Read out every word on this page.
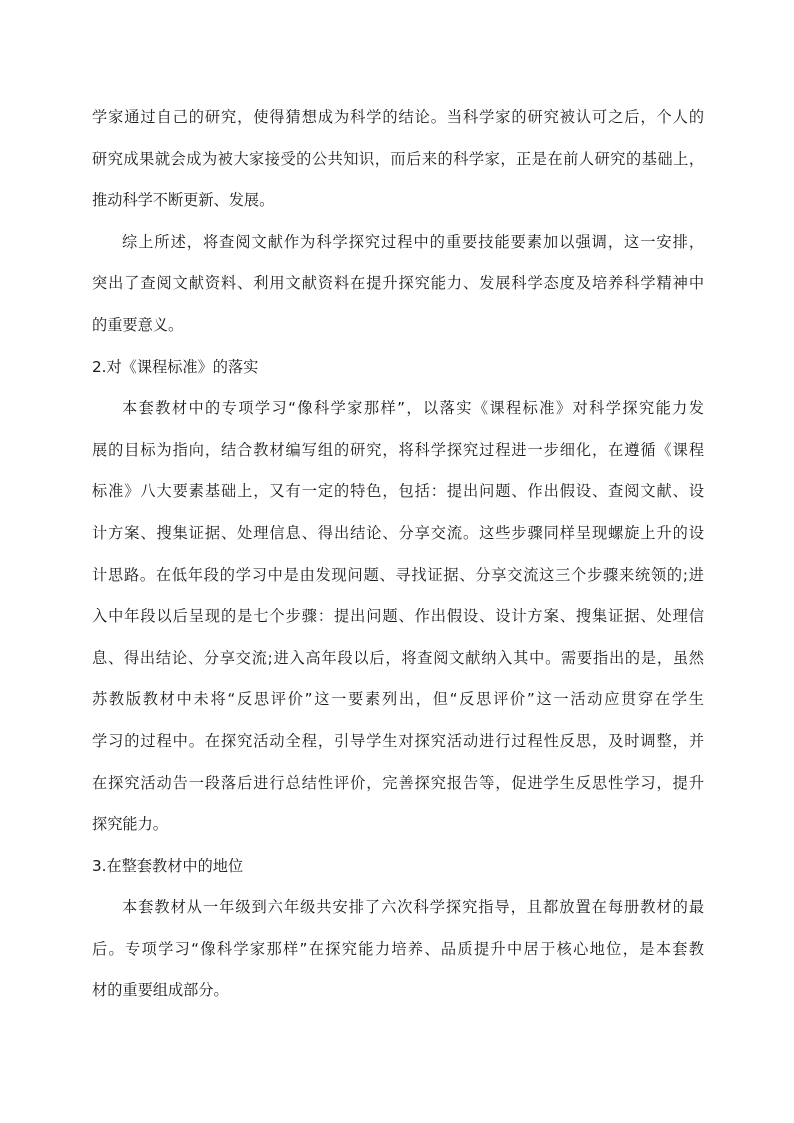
学家通过自己的研究，使得猜想成为科学的结论。当科学家的研究被认可之后，个人的
研究成果就会成为被大家接受的公共知识，而后来的科学家，正是在前人研究的基础上，
推动科学不断更新、发展。
综上所述，将查阅文献作为科学探究过程中的重要技能要素加以强调，这一安排，
突出了查阅文献资料、利用文献资料在提升探究能力、发展科学态度及培养科学精神中
的重要意义。
2.对《课程标准》的落实
本套教材中的专项学习“像科学家那样”，以落实《课程标准》对科学探究能力发
展的目标为指向，结合教材编写组的研究，将科学探究过程进一步细化，在遵循《课程
标准》八大要素基础上，又有一定的特色，包括：提出问题、作出假设、查阅文献、设
计方案、搜集证据、处理信息、得出结论、分享交流。这些步骤同样呈现螺旋上升的设
计思路。在低年段的学习中是由发现问题、寻找证据、分享交流这三个步骤来统领的;进
入中年段以后呈现的是七个步骤：提出问题、作出假设、设计方案、搜集证据、处理信
息、得出结论、分享交流;进入高年段以后，将查阅文献纳入其中。需要指出的是，虽然
苏教版教材中未将“反思评价”这一要素列出，但“反思评价”这一活动应贯穿在学生
学习的过程中。在探究活动全程，引导学生对探究活动进行过程性反思，及时调整，并
在探究活动告一段落后进行总结性评价，完善探究报告等，促进学生反思性学习，提升
探究能力。
3.在整套教材中的地位
本套教材从一年级到六年级共安排了六次科学探究指导，且都放置在每册教材的最
后。专项学习“像科学家那样”在探究能力培养、品质提升中居于核心地位，是本套教
材的重要组成部分。
